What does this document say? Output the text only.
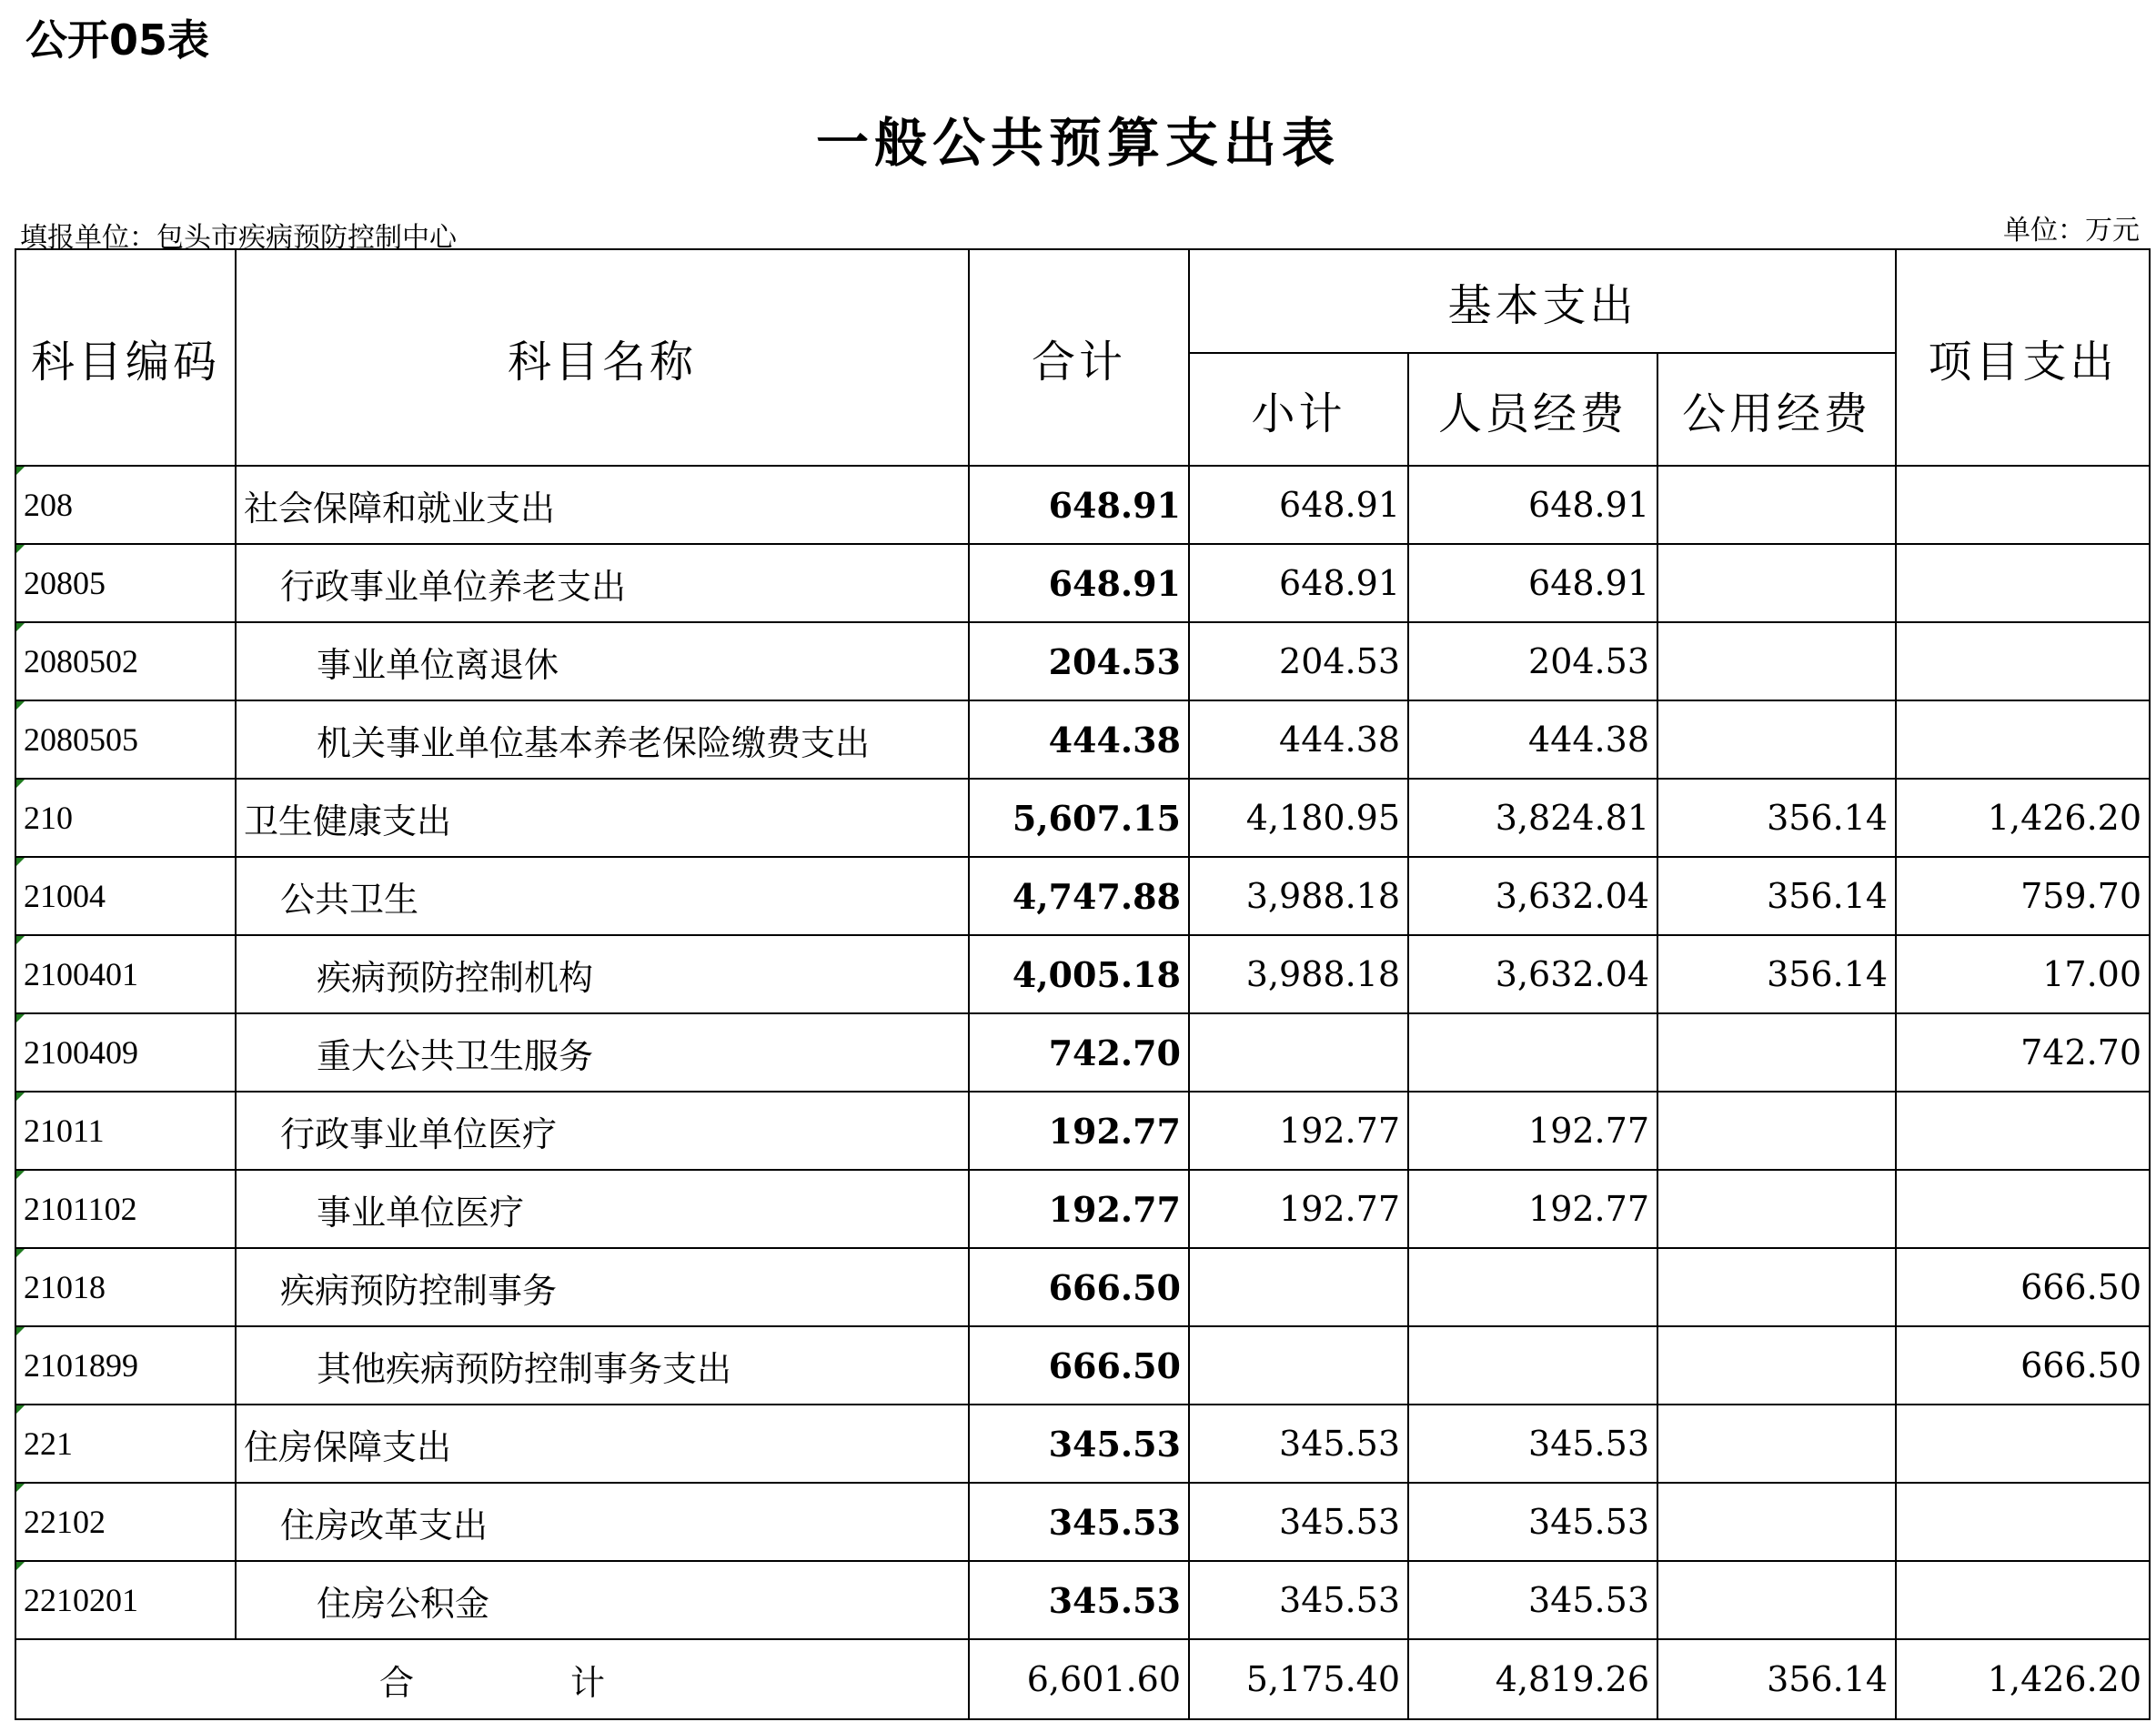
公开05表
一般公共预算支出表
填报单位：包头市疾病预防控制中心	单位：万元
科目编码	科目名称	合计	基本支出			项目支出
			小计	人员经费	公用经费	

208	社会保障和就业支出	648.91	648.91	648.91		

20805	行政事业单位养老支出	648.91	648.91	648.91		

2080502	事业单位离退休	204.53	204.53	204.53		

2080505	机关事业单位基本养老保险缴费支出	444.38	444.38	444.38		

210	卫生健康支出	5,607.15	4,180.95	3,824.81	356.14	1,426.20

21004	公共卫生	4,747.88	3,988.18	3,632.04	356.14	759.70

2100401	疾病预防控制机构	4,005.18	3,988.18	3,632.04	356.14	17.00

2100409	重大公共卫生服务	742.70				742.70

21011	行政事业单位医疗	192.77	192.77	192.77		

2101102	事业单位医疗	192.77	192.77	192.77		

21018	疾病预防控制事务	666.50				666.50

2101899	其他疾病预防控制事务支出	666.50				666.50

221	住房保障支出	345.53	345.53	345.53		

22102	住房改革支出	345.53	345.53	345.53		

2210201	住房公积金	345.53	345.53	345.53		
合 计		6,601.60	5,175.40	4,819.26	356.14	1,426.20
